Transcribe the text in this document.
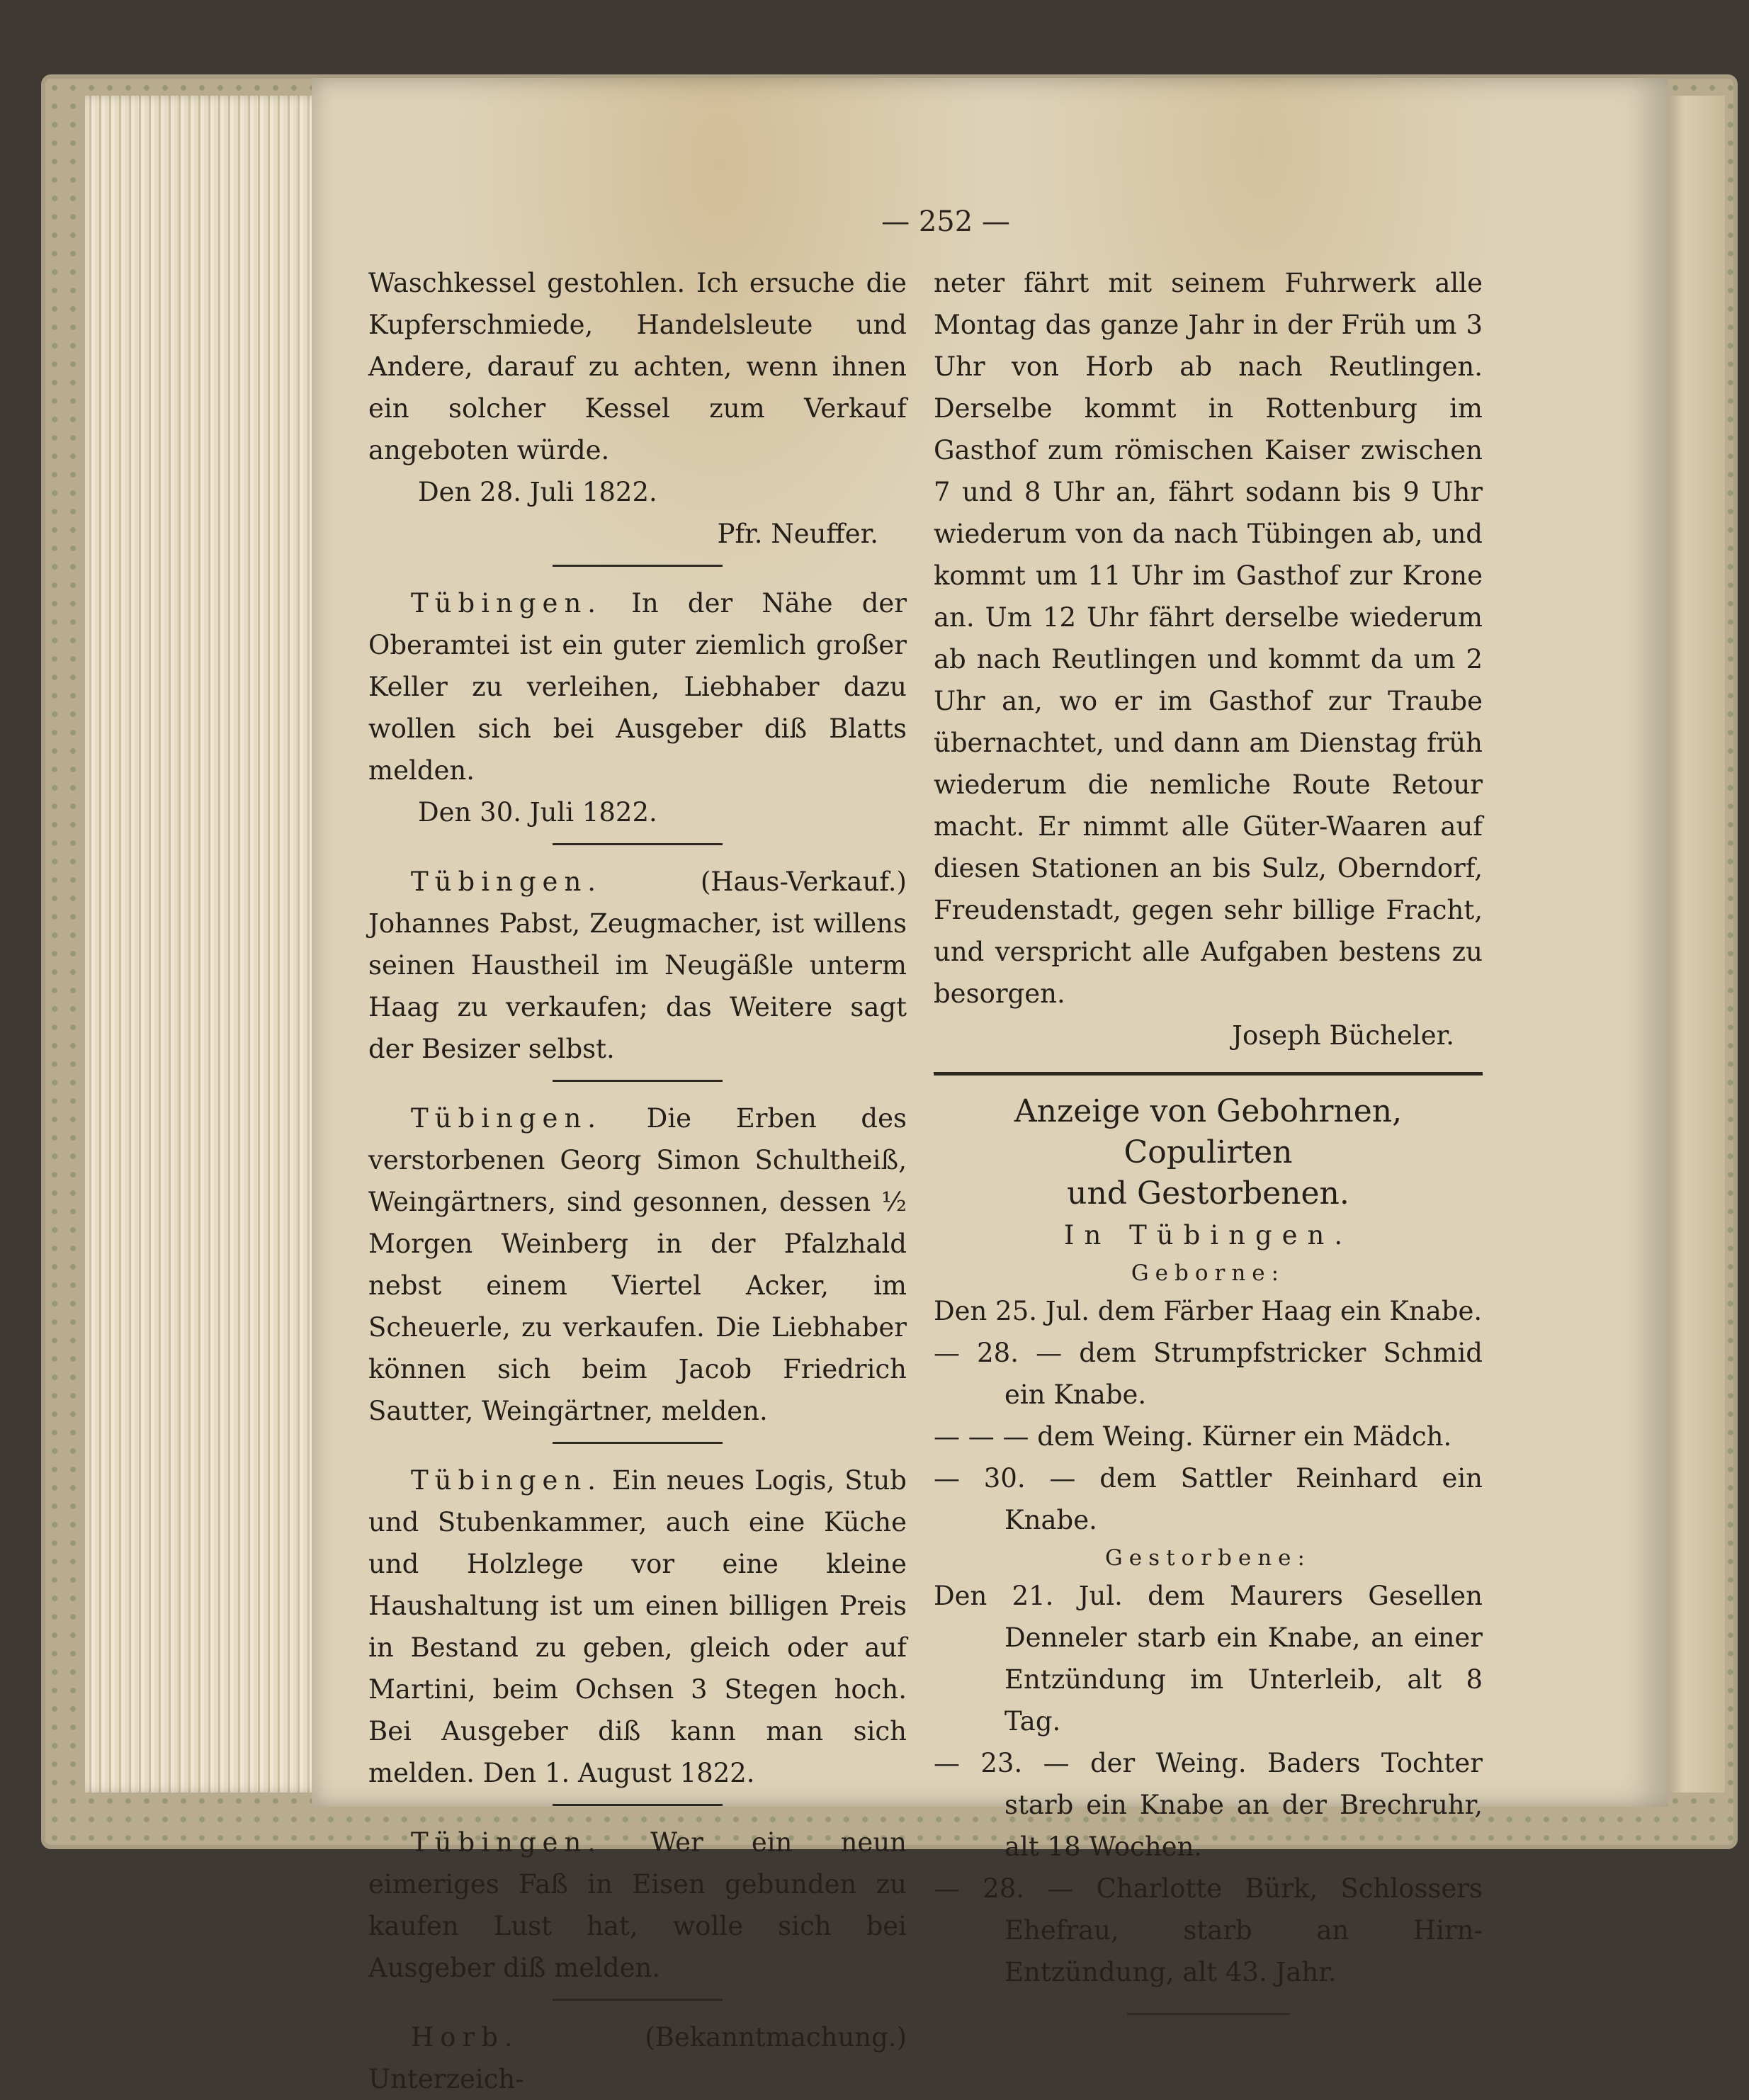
— 252 —

Waschkessel gestohlen. Ich ersuche die Kupferschmiede, Handelsleute und Andere, darauf zu achten, wenn ihnen ein solcher Kessel zum Verkauf angeboten würde.

Den 28. Juli 1822.

Pfr. Neuffer.

Tübingen. In der Nähe der Oberamtei ist ein guter ziemlich großer Keller zu verleihen, Liebhaber dazu wollen sich bei Ausgeber diß Blatts melden.

Den 30. Juli 1822.

Tübingen.	(Haus-Verkauf.) Johannes Pabst, Zeugmacher, ist willens seinen Haustheil im Neugäßle unterm Haag zu verkaufen; das Weitere sagt der Besizer selbst.

Tübingen. Die Erben des verstorbenen Georg Simon Schultheiß, Weingärtners, sind gesonnen, dessen ½ Morgen Weinberg in der Pfalzhald nebst einem Viertel Acker, im Scheuerle, zu verkaufen. Die Liebhaber können sich beim Jacob Friedrich Sautter, Weingärtner, melden.

Tübingen. Ein neues Logis, Stub und Stubenkammer, auch eine Küche und Holzlege vor eine kleine Haushaltung ist um einen billigen Preis in Bestand zu geben, gleich oder auf Martini, beim Ochsen 3 Stegen hoch. Bei Ausgeber diß kann man sich melden. Den 1. August 1822.

Tübingen. Wer ein neun eimeriges Faß in Eisen gebunden zu kaufen Lust hat, wolle sich bei Ausgeber diß melden.

Horb.	(Bekanntmachung.) Unterzeich-

neter fährt mit seinem Fuhrwerk alle Montag das ganze Jahr in der Früh um 3 Uhr von Horb ab nach Reutlingen. Derselbe kommt in Rottenburg im Gasthof zum römischen Kaiser zwischen 7 und 8 Uhr an, fährt sodann bis 9 Uhr wiederum von da nach Tübingen ab, und kommt um 11 Uhr im Gasthof zur Krone an. Um 12 Uhr fährt derselbe wiederum ab nach Reutlingen und kommt da um 2 Uhr an, wo er im Gasthof zur Traube übernachtet, und dann am Dienstag früh wiederum die nemliche Route Retour macht. Er nimmt alle Güter-Waaren auf diesen Stationen an bis Sulz, Oberndorf, Freudenstadt, gegen sehr billige Fracht, und verspricht alle Aufgaben bestens zu besorgen.

Joseph Bücheler.

Anzeige von Gebohrnen, Copulirten

und Gestorbenen.

In Tübingen.

Geborne:

Den 25. Jul. dem Färber Haag ein Knabe.

— 28. — dem Strumpfstricker Schmid ein Knabe.

— — — dem Weing. Kürner ein Mädch.

— 30. — dem Sattler Reinhard ein Knabe.

Gestorbene:

Den 21. Jul. dem Maurers Gesellen Denneler starb ein Knabe, an einer Entzündung im Unterleib, alt 8 Tag.

— 23. — der Weing. Baders Tochter starb ein Knabe an der Brechruhr, alt 18 Wochen.

— 28. — Charlotte Bürk, Schlossers Ehefrau, starb an Hirn-Entzündung, alt 43. Jahr.
